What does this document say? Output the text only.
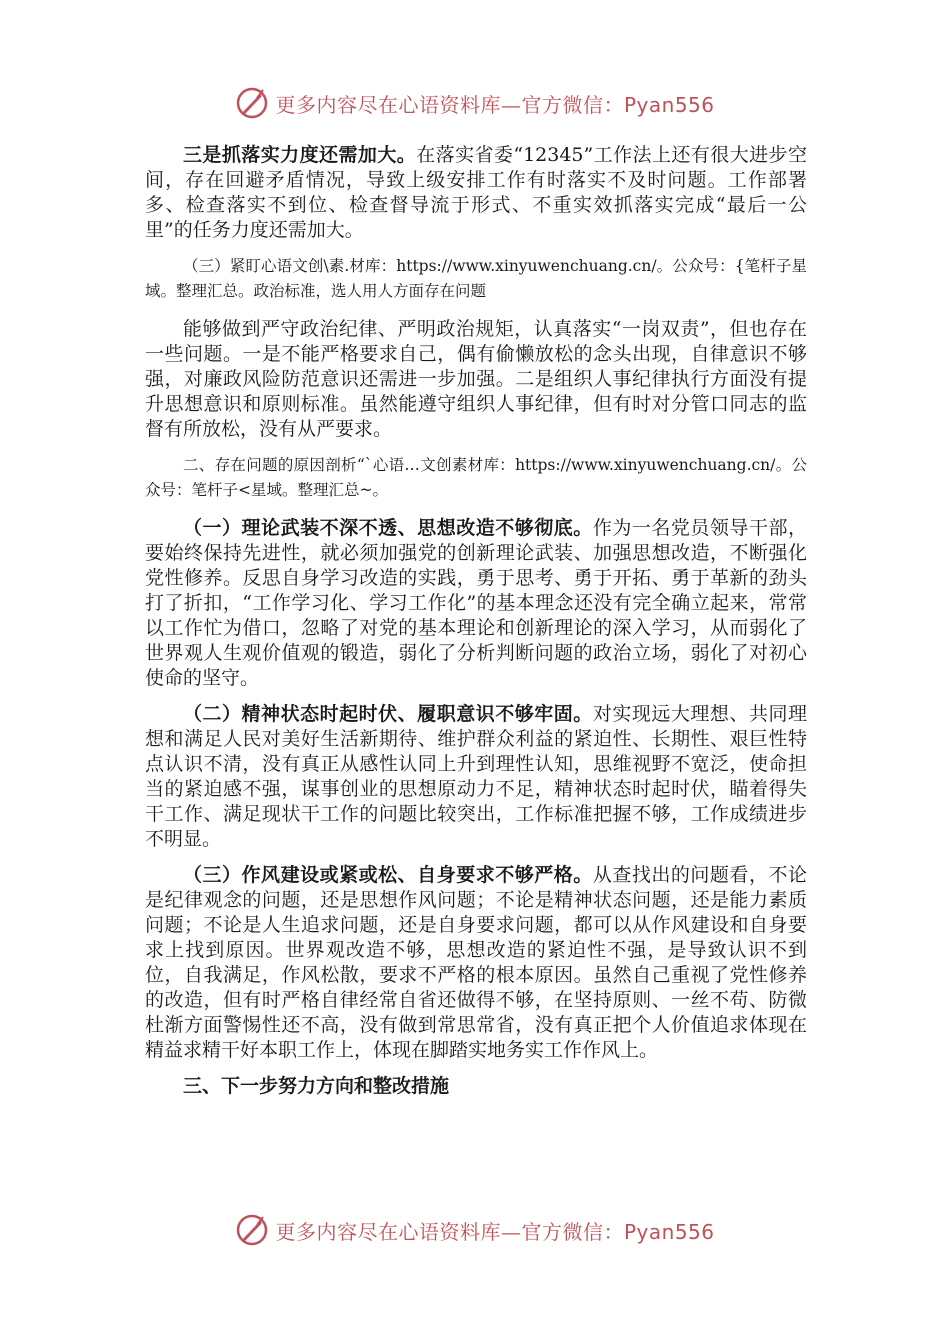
更多内容尽在心语资料库—官方微信：Pyan556

三是抓落实力度还需加大。在落实省委“12345”工作法上还有很大进步空间，存在回避矛盾情况，导致上级安排工作有时落实不及时问题。工作部署多、检查落实不到位、检查督导流于形式、不重实效抓落实完成“最后一公里”的任务力度还需加大。

（三）紧盯心语文创\素.材库：https://www.xinyuwenchuang.cn/。公众号：{笔杆子星域。整理汇总。政治标准，选人用人方面存在问题

能够做到严守政治纪律、严明政治规矩，认真落实“一岗双责”，但也存在一些问题。一是不能严格要求自己，偶有偷懒放松的念头出现，自律意识不够强，对廉政风险防范意识还需进一步加强。二是组织人事纪律执行方面没有提升思想意识和原则标准。虽然能遵守组织人事纪律，但有时对分管口同志的监督有所放松，没有从严要求。

二、存在问题的原因剖析“`心语…文创素材库：https://www.xinyuwenchuang.cn/。公众号：笔杆子<星域。整理汇总~。

（一）理论武装不深不透、思想改造不够彻底。作为一名党员领导干部，要始终保持先进性，就必须加强党的创新理论武装、加强思想改造，不断强化党性修养。反思自身学习改造的实践，勇于思考、勇于开拓、勇于革新的劲头打了折扣，“工作学习化、学习工作化”的基本理念还没有完全确立起来，常常以工作忙为借口，忽略了对党的基本理论和创新理论的深入学习，从而弱化了世界观人生观价值观的锻造，弱化了分析判断问题的政治立场，弱化了对初心使命的坚守。

（二）精神状态时起时伏、履职意识不够牢固。对实现远大理想、共同理想和满足人民对美好生活新期待、维护群众利益的紧迫性、长期性、艰巨性特点认识不清，没有真正从感性认同上升到理性认知，思维视野不宽泛，使命担当的紧迫感不强，谋事创业的思想原动力不足，精神状态时起时伏，瞄着得失干工作、满足现状干工作的问题比较突出，工作标准把握不够，工作成绩进步不明显。

（三）作风建设或紧或松、自身要求不够严格。从查找出的问题看，不论是纪律观念的问题，还是思想作风问题；不论是精神状态问题，还是能力素质问题；不论是人生追求问题，还是自身要求问题，都可以从作风建设和自身要求上找到原因。世界观改造不够，思想改造的紧迫性不强，是导致认识不到位，自我满足，作风松散，要求不严格的根本原因。虽然自己重视了党性修养的改造，但有时严格自律经常自省还做得不够，在坚持原则、一丝不苟、防微杜渐方面警惕性还不高，没有做到常思常省，没有真正把个人价值追求体现在精益求精干好本职工作上，体现在脚踏实地务实工作作风上。

三、下一步努力方向和整改措施

更多内容尽在心语资料库—官方微信：Pyan556
